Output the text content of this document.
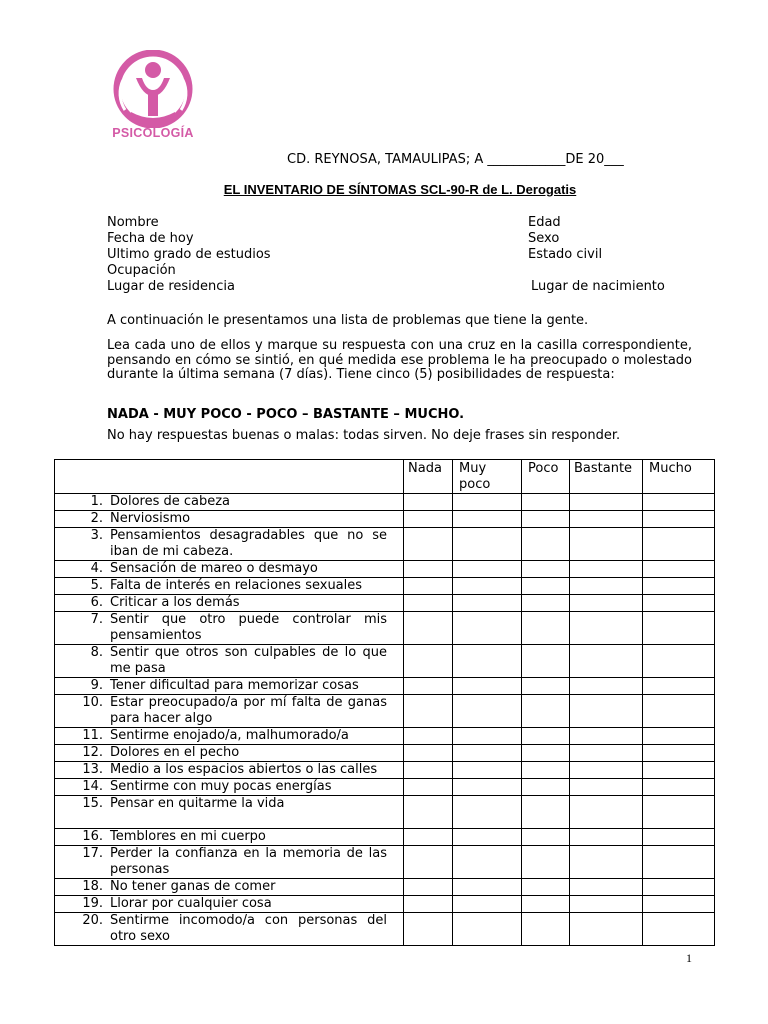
PSICOLOGÍA
CD. REYNOSA, TAMAULIPAS; A ____________DE 20___
EL INVENTARIO DE SÍNTOMAS SCL-90-R de L. Derogatis
Nombre
Fecha de hoy
Ultimo grado de estudios
Ocupación
Lugar de residencia
Edad
Sexo
Estado civil
Lugar de nacimiento
A continuación le presentamos una lista de problemas que tiene la gente.
Lea cada uno de ellos y marque su respuesta con una cruz en la casilla correspondiente, pensando en cómo se sintió, en qué medida ese problema le ha preocupado o molestado durante la última semana (7 días). Tiene cinco (5) posibilidades de respuesta:
NADA - MUY POCO - POCO – BASTANTE – MUCHO.
No hay respuestas buenas o malas: todas sirven. No deje frases sin responder.
	Nada	Muy poco	Poco	Bastante	Mucho
1. Dolores de cabeza					
2. Nerviosismo					
3. Pensamientos desagradables que no se iban de mi cabeza.					
4. Sensación de mareo o desmayo					
5. Falta de interés en relaciones sexuales					
6. Criticar a los demás					
7. Sentir que otro puede controlar mis pensamientos					
8. Sentir que otros son culpables de lo que me pasa					
9. Tener dificultad para memorizar cosas					
10. Estar preocupado/a por mí falta de ganas para hacer algo					
11. Sentirme enojado/a, malhumorado/a					
12. Dolores en el pecho					
13. Medio a los espacios abiertos o las calles					
14.Sentirme con muy pocas energías					
15. Pensar en quitarme la vida					
16. Temblores en mi cuerpo					
17. Perder la confianza en la memoria de las personas					
18. No tener ganas de comer					
19. Llorar por cualquier cosa					
20. Sentirme incomodo/a con personas del otro sexo					
1
